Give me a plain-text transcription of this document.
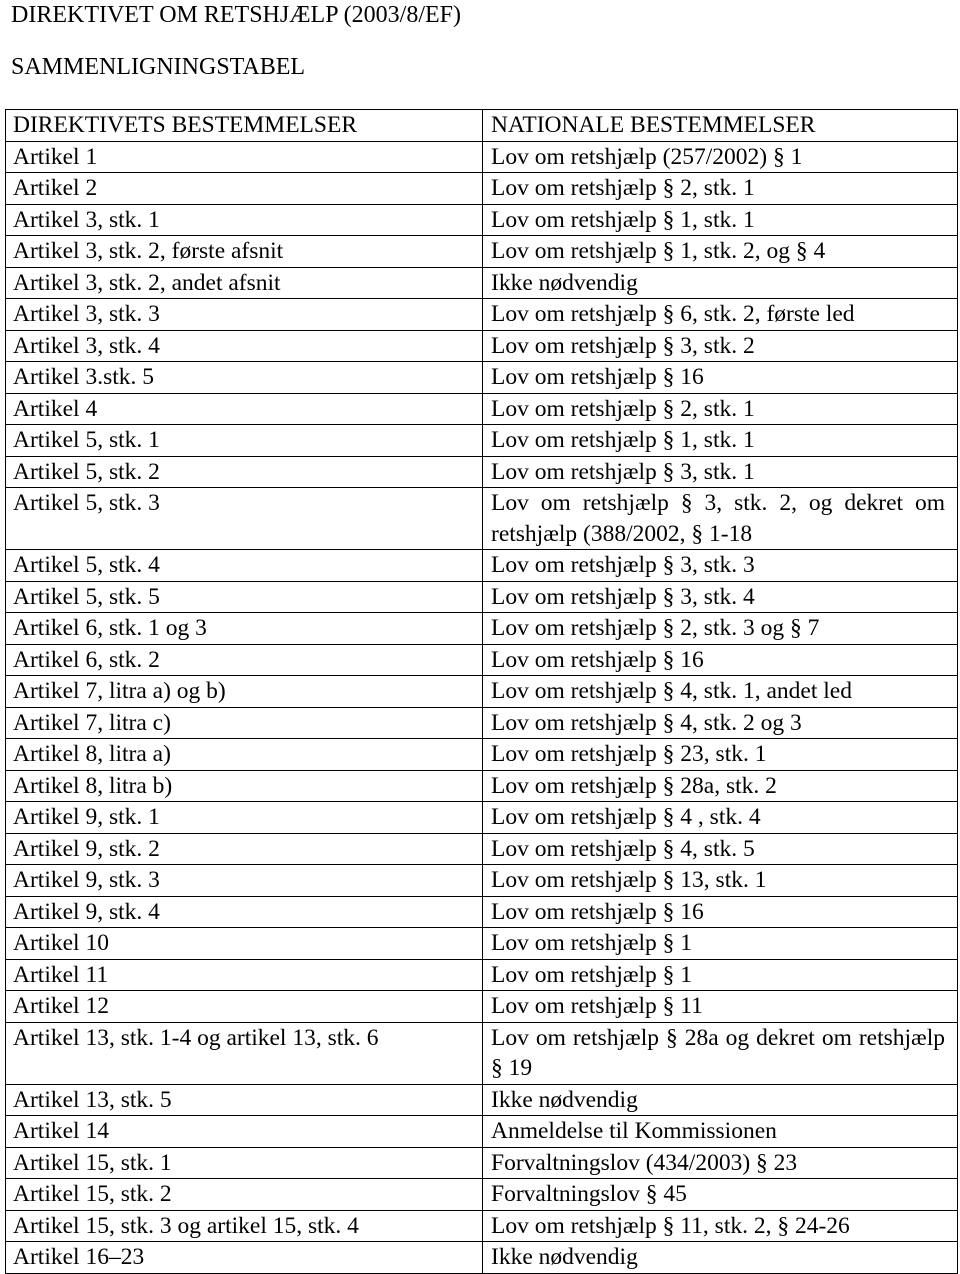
DIREKTIVET OM RETSHJÆLP (2003/8/EF)
SAMMENLIGNINGSTABEL
DIREKTIVETS BESTEMMELSER	NATIONALE BESTEMMELSER
Artikel 1	Lov om retshjælp (257/2002) § 1
Artikel 2	Lov om retshjælp § 2, stk. 1
Artikel 3, stk. 1	Lov om retshjælp § 1, stk. 1
Artikel 3, stk. 2, første afsnit	Lov om retshjælp § 1, stk. 2, og § 4
Artikel 3, stk. 2, andet afsnit	Ikke nødvendig
Artikel 3, stk. 3	Lov om retshjælp § 6, stk. 2, første led
Artikel 3, stk. 4	Lov om retshjælp § 3, stk. 2
Artikel 3.stk. 5	Lov om retshjælp § 16
Artikel 4	Lov om retshjælp § 2, stk. 1
Artikel 5, stk. 1	Lov om retshjælp § 1, stk. 1
Artikel 5, stk. 2	Lov om retshjælp § 3, stk. 1
Artikel 5, stk. 3	Lov om retshjælp § 3, stk. 2, og dekret om retshjælp (388/2002, § 1-18
Artikel 5, stk. 4	Lov om retshjælp § 3, stk. 3
Artikel 5, stk. 5	Lov om retshjælp § 3, stk. 4
Artikel 6, stk. 1 og 3	Lov om retshjælp § 2, stk. 3 og § 7
Artikel 6, stk. 2	Lov om retshjælp § 16
Artikel 7, litra a) og b)	Lov om retshjælp § 4, stk. 1, andet led
Artikel 7, litra c)	Lov om retshjælp § 4, stk. 2 og 3
Artikel 8, litra a)	Lov om retshjælp § 23, stk. 1
Artikel 8, litra b)	Lov om retshjælp § 28a, stk. 2
Artikel 9, stk. 1	Lov om retshjælp § 4 , stk. 4
Artikel 9, stk. 2	Lov om retshjælp § 4, stk. 5
Artikel 9, stk. 3	Lov om retshjælp § 13, stk. 1
Artikel 9, stk. 4	Lov om retshjælp § 16
Artikel 10	Lov om retshjælp § 1
Artikel 11	Lov om retshjælp § 1
Artikel 12	Lov om retshjælp § 11
Artikel 13, stk. 1-4 og artikel 13, stk. 6	Lov om retshjælp § 28a og dekret om retshjælp § 19
Artikel 13, stk. 5	Ikke nødvendig
Artikel 14	Anmeldelse til Kommissionen
Artikel 15, stk. 1	Forvaltningslov (434/2003) § 23
Artikel 15, stk. 2	Forvaltningslov § 45
Artikel 15, stk. 3 og artikel 15, stk. 4	Lov om retshjælp § 11, stk. 2, § 24-26
Artikel 16–23	Ikke nødvendig
